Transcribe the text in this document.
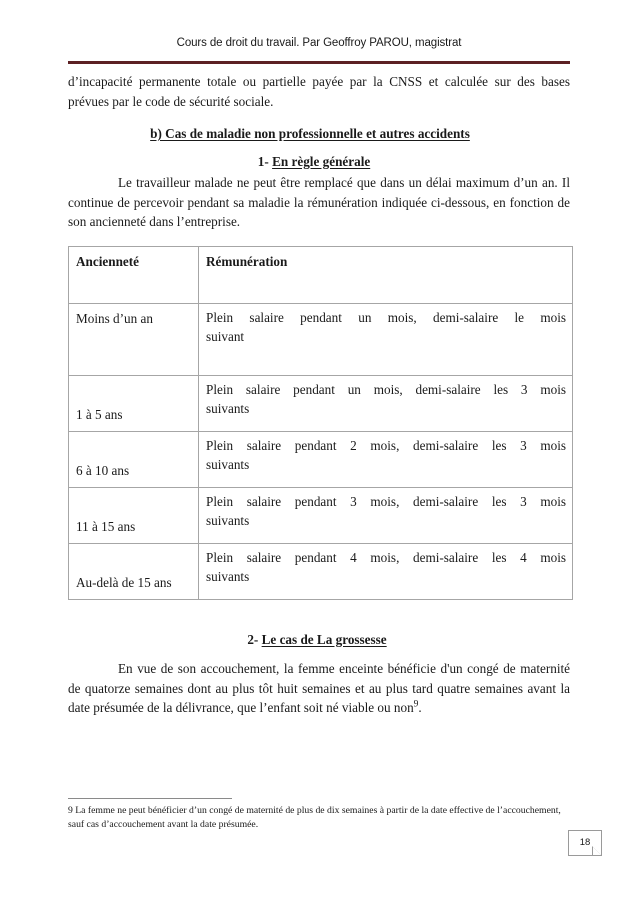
Cours de droit du travail. Par Geoffroy PAROU, magistrat

d’incapacité permanente totale ou partielle payée par la CNSS et calculée sur des bases prévues par le code de sécurité sociale.

b) Cas de maladie non professionnelle et autres accidents

1- En règle générale

Le travailleur malade ne peut être remplacé que dans un délai maximum d’un an. Il continue de percevoir pendant sa maladie la rémunération indiquée ci-dessous, en fonction de son ancienneté dans l’entreprise.

Ancienneté	Rémunération

Moins d’un an	Plein salaire pendant un mois, demi-salaire le mois
suivant

1 à 5 ans	Plein salaire pendant un mois, demi-salaire les 3 mois
suivants

6 à 10 ans	Plein salaire pendant 2 mois, demi-salaire les 3 mois
suivants

11 à 15 ans	Plein salaire pendant 3 mois, demi-salaire les 3 mois
suivants

Au-delà de 15 ans	Plein salaire pendant 4 mois, demi-salaire les 4 mois
suivants

2- Le cas de La grossesse

En vue de son accouchement, la femme enceinte bénéficie d'un congé de maternité de quatorze semaines dont au plus tôt huit semaines et au plus tard quatre semaines avant la date présumée de la délivrance, que l’enfant soit né viable ou non$^9$.

9 La femme ne peut bénéficier d’un congé de maternité de plus de dix semaines à partir de la date effective de l’accouchement, sauf cas d’accouchement avant la date présumée.

18
